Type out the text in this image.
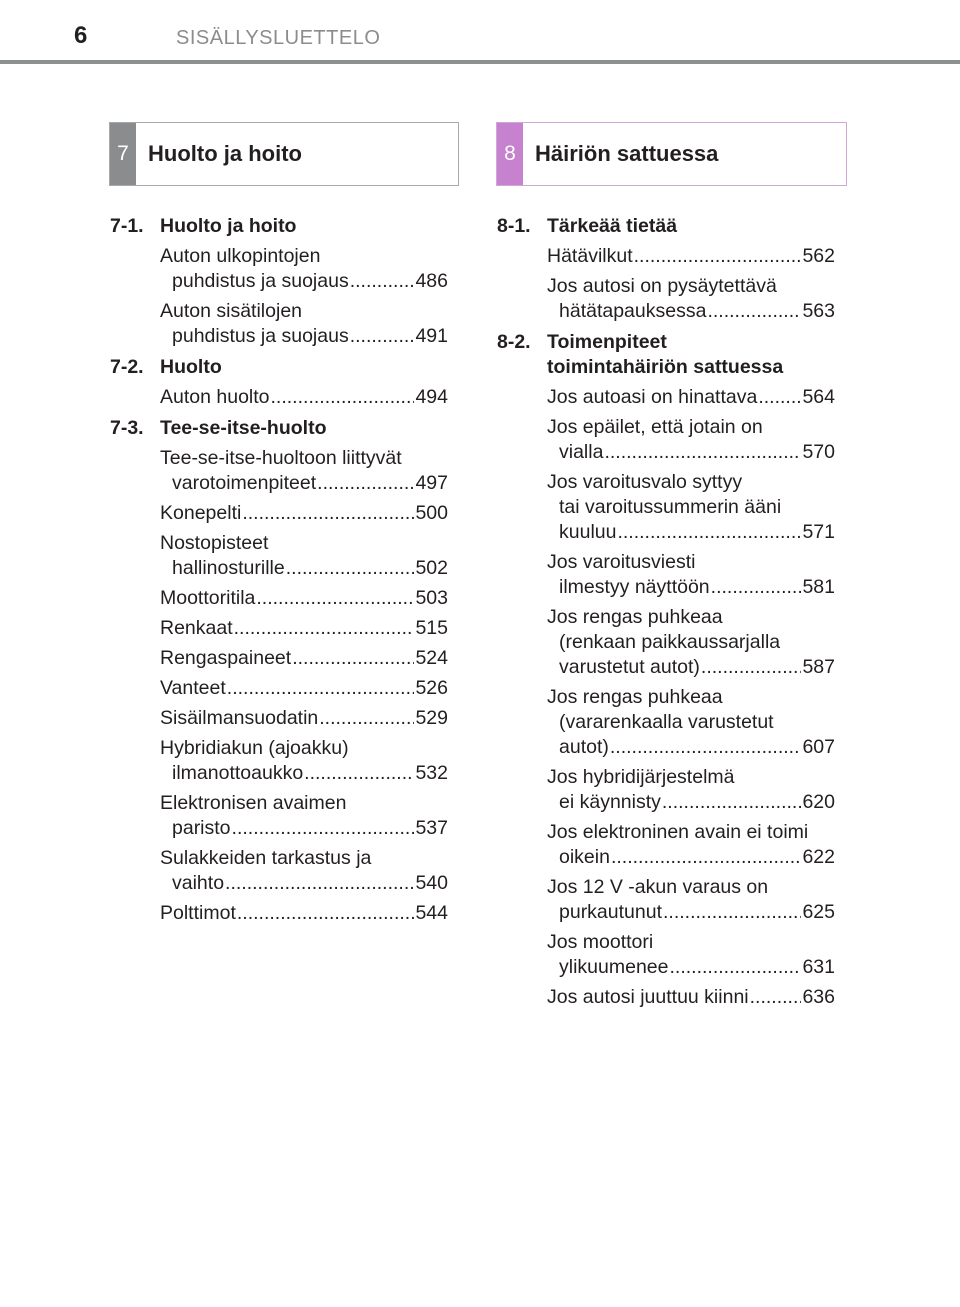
6	SISÄLLYSLUETTELO
7 Huolto ja hoito	8 Häiriön sattuessa
7-1. Huolto ja hoito
Auton ulkopintojen
puhdistus ja suojaus .....	486
Auton sisätilojen
puhdistus ja suojaus .....	491
7-2. Huolto
Auton huolto .....	494
7-3. Tee-se-itse-huolto
Tee-se-itse-huoltoon liittyvät
varotoimenpiteet .....	497
Konepelti .....	500
Nostopisteet
hallinosturille .....	502
Moottoritila .....	503
Renkaat .....	515
Rengaspaineet .....	524
Vanteet .....	526
Sisäilmansuodatin .....	529
Hybridiakun (ajoakku)
ilmanottoaukko .....	532
Elektronisen avaimen
paristo .....	537
Sulakkeiden tarkastus ja
vaihto .....	540
Polttimot .....	544
8-1. Tärkeää tietää
Hätävilkut .....	562
Jos autosi on pysäytettävä
hätätapauksessa .....	563
8-2. Toimenpiteet
toimintahäiriön sattuessa
Jos autoasi on hinattava ..... 564
Jos epäilet, että jotain on
vialla .....	570
Jos varoitusvalo syttyy
tai varoitussummerin ääni
kuuluu .....	571
Jos varoitusviesti
ilmestyy näyttöön .....	581
Jos rengas puhkeaa
(renkaan paikkaussarjalla
varustetut autot) .....	587
Jos rengas puhkeaa
(vararenkaalla varustetut
autot) .....	607
Jos hybridijärjestelmä
ei käynnisty .....	620
Jos elektroninen avain ei toimi
oikein .....	622
Jos 12 V -akun varaus on
purkautunut .....	625
Jos moottori
ylikuumenee .....	631
Jos autosi juuttuu kiinni .....	636
